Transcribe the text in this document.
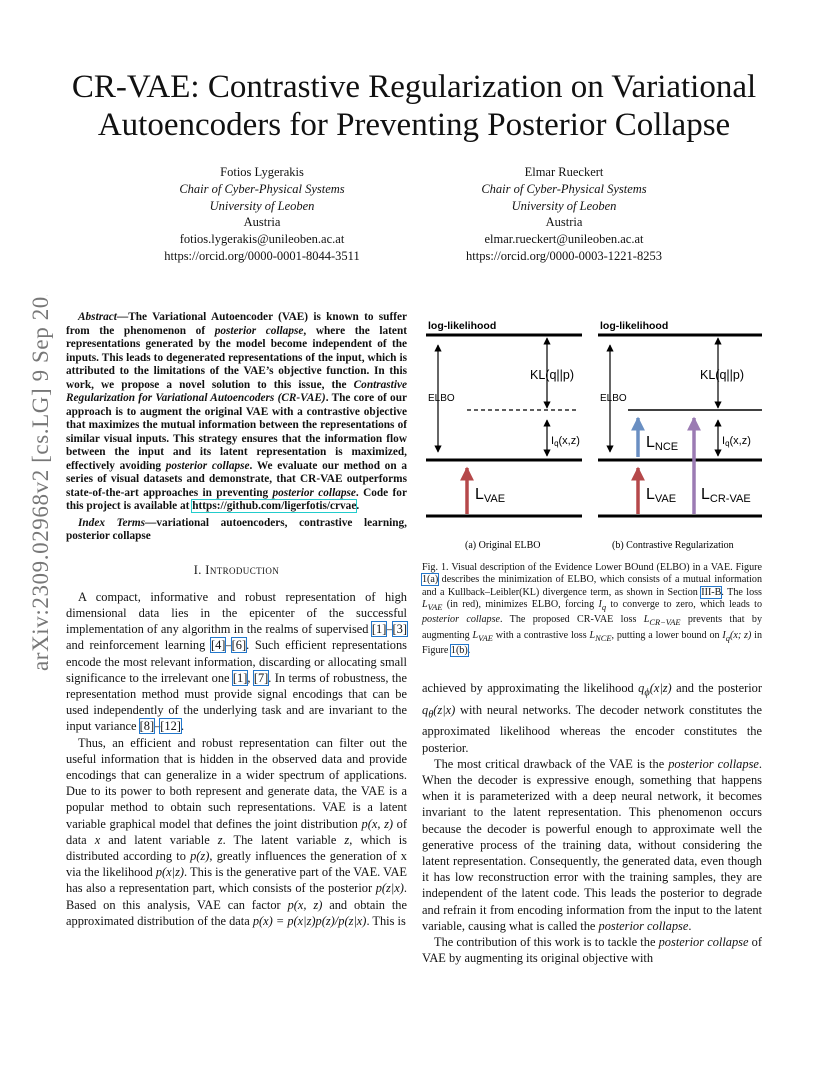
arXiv:2309.02968v2 [cs.LG] 9 Sep 2023
CR-VAE: Contrastive Regularization on Variational
Autoencoders for Preventing Posterior Collapse
Fotios Lygerakis
Chair of Cyber-Physical Systems
University of Leoben
Austria
fotios.lygerakis@unileoben.ac.at
https://orcid.org/0000-0001-8044-3511
Elmar Rueckert
Chair of Cyber-Physical Systems
University of Leoben
Austria
elmar.rueckert@unileoben.ac.at
https://orcid.org/0000-0003-1221-8253

Abstract—The Variational Autoencoder (VAE) is known to suffer from the phenomenon of posterior collapse, where the latent representations generated by the model become independent of the inputs. This leads to degenerated representations of the input, which is attributed to the limitations of the VAE’s objective function. In this work, we propose a novel solution to this issue, the Contrastive Regularization for Variational Autoencoders (CR-VAE). The core of our approach is to augment the original VAE with a contrastive objective that maximizes the mutual information between the representations of similar visual inputs. This strategy ensures that the information flow between the input and its latent representation is maximized, effectively avoiding posterior collapse. We evaluate our method on a series of visual datasets and demonstrate, that CR-VAE outperforms state-of-the-art approaches in preventing posterior collapse. Code for this project is available at https://github.com/ligerfotis/crvae.

Index Terms—variational autoencoders, contrastive learning, posterior collapse

I. Introduction

A compact, informative and robust representation of high dimensional data lies in the epicenter of the successful implementation of any algorithm in the realms of supervised [1]–[3] and reinforcement learning [4]–[6]. Such efficient representations encode the most relevant information, discarding or allocating small significance to the irrelevant one [1], [7]. In terms of robustness, the representation method must provide signal encodings that can be used independently of the underlying task and are invariant to the input variance [8]–[12].

Thus, an efficient and robust representation can filter out the useful information that is hidden in the observed data and provide encodings that can generalize in a wider spectrum of applications. Due to its power to both represent and generate data, the VAE is a popular method to obtain such representations. VAE is a latent variable graphical model that defines the joint distribution p(x, z) of data x and latent variable z. The latent variable z, which is distributed according to p(z), greatly influences the generation of x via the likelihood p(x|z). This is the generative part of the VAE. VAE has also a representation part, which consists of the posterior p(z|x). Based on this analysis, VAE can factor p(x, z) and obtain the approximated distribution of the data p(x) = p(x|z)p(z)/p(z|x). This is

log-likelihood
ELBO
KL(q||p)
Iq(x,z)
LVAE
(a) Original ELBO
log-likelihood
ELBO
KL(q||p)
Iq(x,z)
LNCE
LVAE LCR-VAE
(b) Contrastive Regularization
Fig. 1. Visual description of the Evidence Lower BOund (ELBO) in a VAE. Figure 1(a) describes the minimization of ELBO, which consists of a mutual information and a Kullback–Leibler(KL) divergence term, as shown in Section III-B. The loss $L_{VAE}$ (in red), minimizes ELBO, forcing $I_q$ to converge to zero, which leads to posterior collapse. The proposed CR-VAE loss $L_{CR-VAE}$ prevents that by augmenting $L_{VAE}$ with a contrastive loss $L_{NCE}$, putting a lower bound on $I_q(x$; z) in Figure 1(b).

achieved by approximating the likelihood $q_\phi(x|z)$ and the posterior $q_\theta(z|x)$ with neural networks. The decoder network constitutes the approximated likelihood whereas the encoder constitutes the posterior.

The most critical drawback of the VAE is the posterior collapse. When the decoder is expressive enough, something that happens when it is parameterized with a deep neural network, it becomes invariant to the latent representation. This phenomenon occurs because the decoder is powerful enough to approximate well the generative process of the training data, without considering the latent representation. Consequently, the generated data, even though it has low reconstruction error with the training samples, they are independent of the latent code. This leads the posterior to degrade and refrain it from encoding information from the input to the latent variable, causing what is called the posterior collapse.

The contribution of this work is to tackle the posterior collapse of VAE by augmenting its original objective with
